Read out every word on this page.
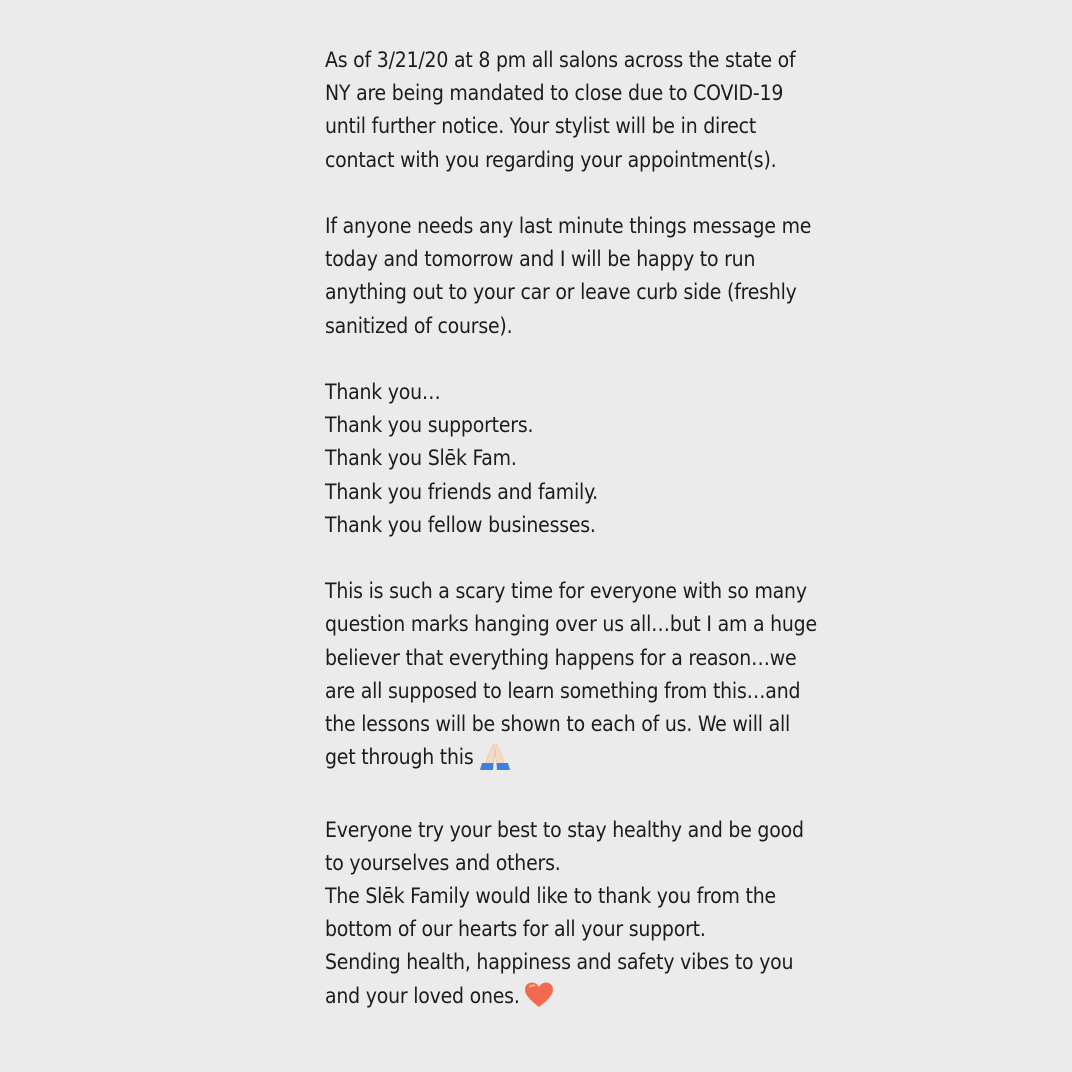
As of 3/21/20 at 8 pm all salons across the state of
NY are being mandated to close due to COVID-19
until further notice. Your stylist will be in direct
contact with you regarding your appointment(s).

If anyone needs any last minute things message me
today and tomorrow and I will be happy to run
anything out to your car or leave curb side (freshly
sanitized of course).

Thank you…
Thank you supporters.
Thank you Slēk Fam.
Thank you friends and family.
Thank you fellow businesses.

This is such a scary time for everyone with so many
question marks hanging over us all…but I am a huge
believer that everything happens for a reason…we
are all supposed to learn something from this…and
the lessons will be shown to each of us. We will all
get through this

Everyone try your best to stay healthy and be good
to yourselves and others.
The Slēk Family would like to thank you from the
bottom of our hearts for all your support.
Sending health, happiness and safety vibes to you
and your loved ones.
